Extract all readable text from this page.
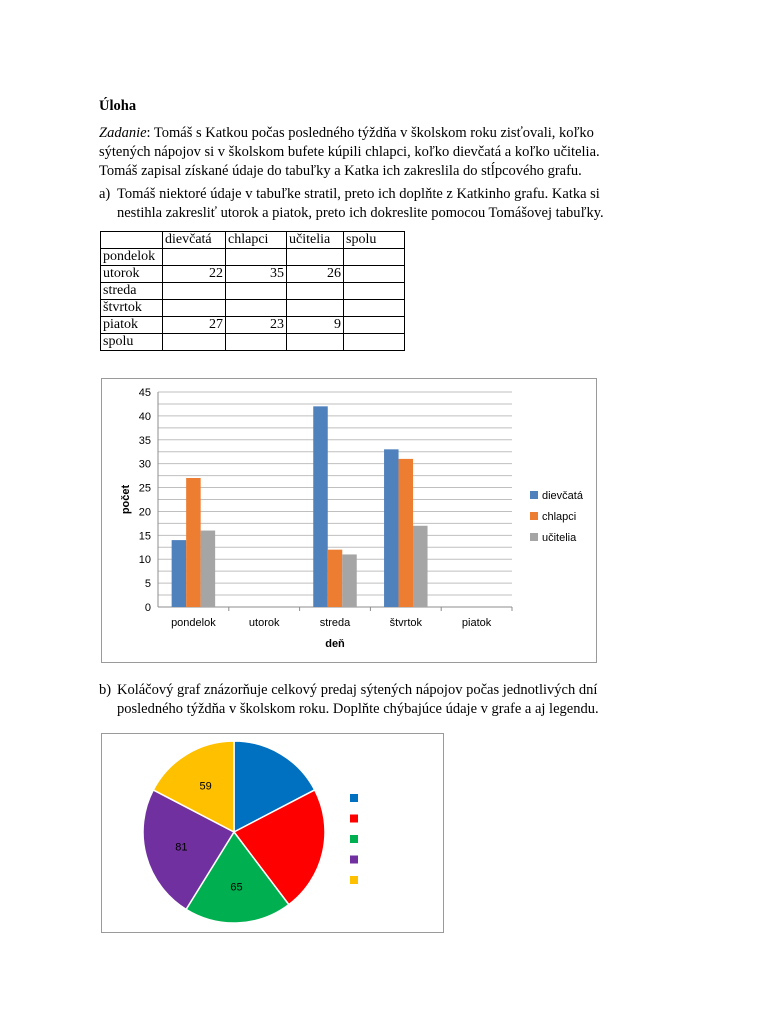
Úloha
Zadanie: Tomáš s Katkou počas posledného týždňa v školskom roku zisťovali, koľko
sýtených nápojov si v školskom bufete kúpili chlapci, koľko dievčatá a koľko učitelia.
Tomáš zapisal získané údaje do tabuľky a Katka ich zakreslila do stĺpcového grafu.
a) Tomáš niektoré údaje v tabuľke stratil, preto ich doplňte z Katkinho grafu. Katka si
nestihla zakresliť utorok a piatok, preto ich dokreslite pomocou Tomášovej tabuľky.
	dievčatá	chlapci	učitelia	spolu
pondelok				
utorok	22	35	26	
streda				
štvrtok				
piatok	27	23	9	
spolu				
0
5
10
15
20
25
30
35
40
45
pondelok	utorok	streda	štvrtok	piatok
deň
počet	dievčatá
chlapci
učitelia
b) Koláčový graf znázorňuje celkový predaj sýtených nápojov počas jednotlivých dní
posledného týždňa v školskom roku. Doplňte chýbajúce údaje v grafe a aj legendu.
65
81
59
